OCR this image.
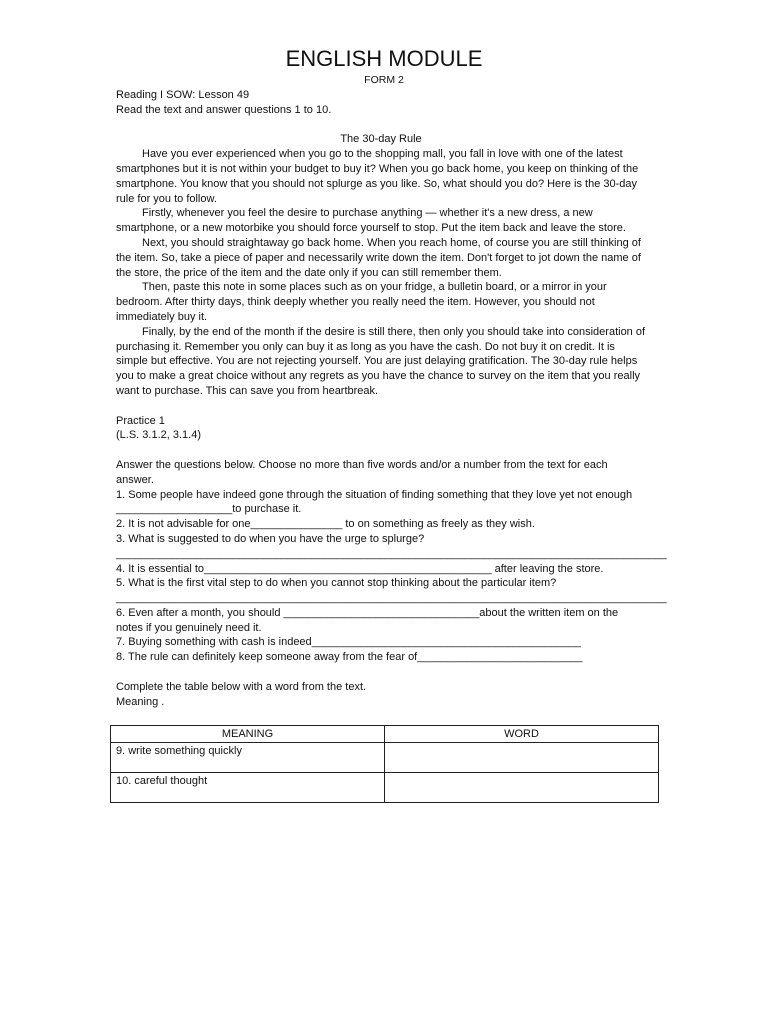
ENGLISH MODULE
FORM 2

Reading I SOW: Lesson 49

Read the text and answer questions 1 to 10.

The 30-day Rule

Have you ever experienced when you go to the shopping mall, you fall in love with one of the latest smartphones but it is not within your budget to buy it? When you go back home, you keep on thinking of the smartphone. You know that you should not splurge as you like. So, what should you do? Here is the 30-day rule for you to follow.

Firstly, whenever you feel the desire to purchase anything — whether it's a new dress, a new smartphone, or a new motorbike you should force yourself to stop. Put the item back and leave the store.

Next, you should straightaway go back home. When you reach home, of course you are still thinking of the item. So, take a piece of paper and necessarily write down the item. Don't forget to jot down the name of the store, the price of the item and the date only if you can still remember them.

Then, paste this note in some places such as on your fridge, a bulletin board, or a mirror in your bedroom. After thirty days, think deeply whether you really need the item. However, you should not immediately buy it.

Finally, by the end of the month if the desire is still there, then only you should take into consideration of purchasing it. Remember you only can buy it as long as you have the cash. Do not buy it on credit. It is simple but effective. You are not rejecting yourself. You are just delaying gratification. The 30-day rule helps you to make a great choice without any regrets as you have the chance to survey on the item that you really want to purchase. This can save you from heartbreak.

Practice 1

(L.S. 3.1.2, 3.1.4)

Answer the questions below. Choose no more than five words and/or a number from the text for each answer.

1. Some people have indeed gone through the situation of finding something that they love yet not enough ___________________to purchase it.

2. It is not advisable for one_______________ to on something as freely as they wish.

3. What is suggested to do when you have the urge to splurge?

__________________________________________________________________________________________

4. It is essential to_______________________________________________ after leaving the store.

5. What is the first vital step to do when you cannot stop thinking about the particular item?

__________________________________________________________________________________________

6. Even after a month, you should ________________________________about the written item on the notes if you genuinely need it.

7. Buying something with cash is indeed____________________________________________

8. The rule can definitely keep someone away from the fear of___________________________

Complete the table below with a word from the text.

Meaning .

MEANING	WORD
9. write something quickly	
10. careful thought	
